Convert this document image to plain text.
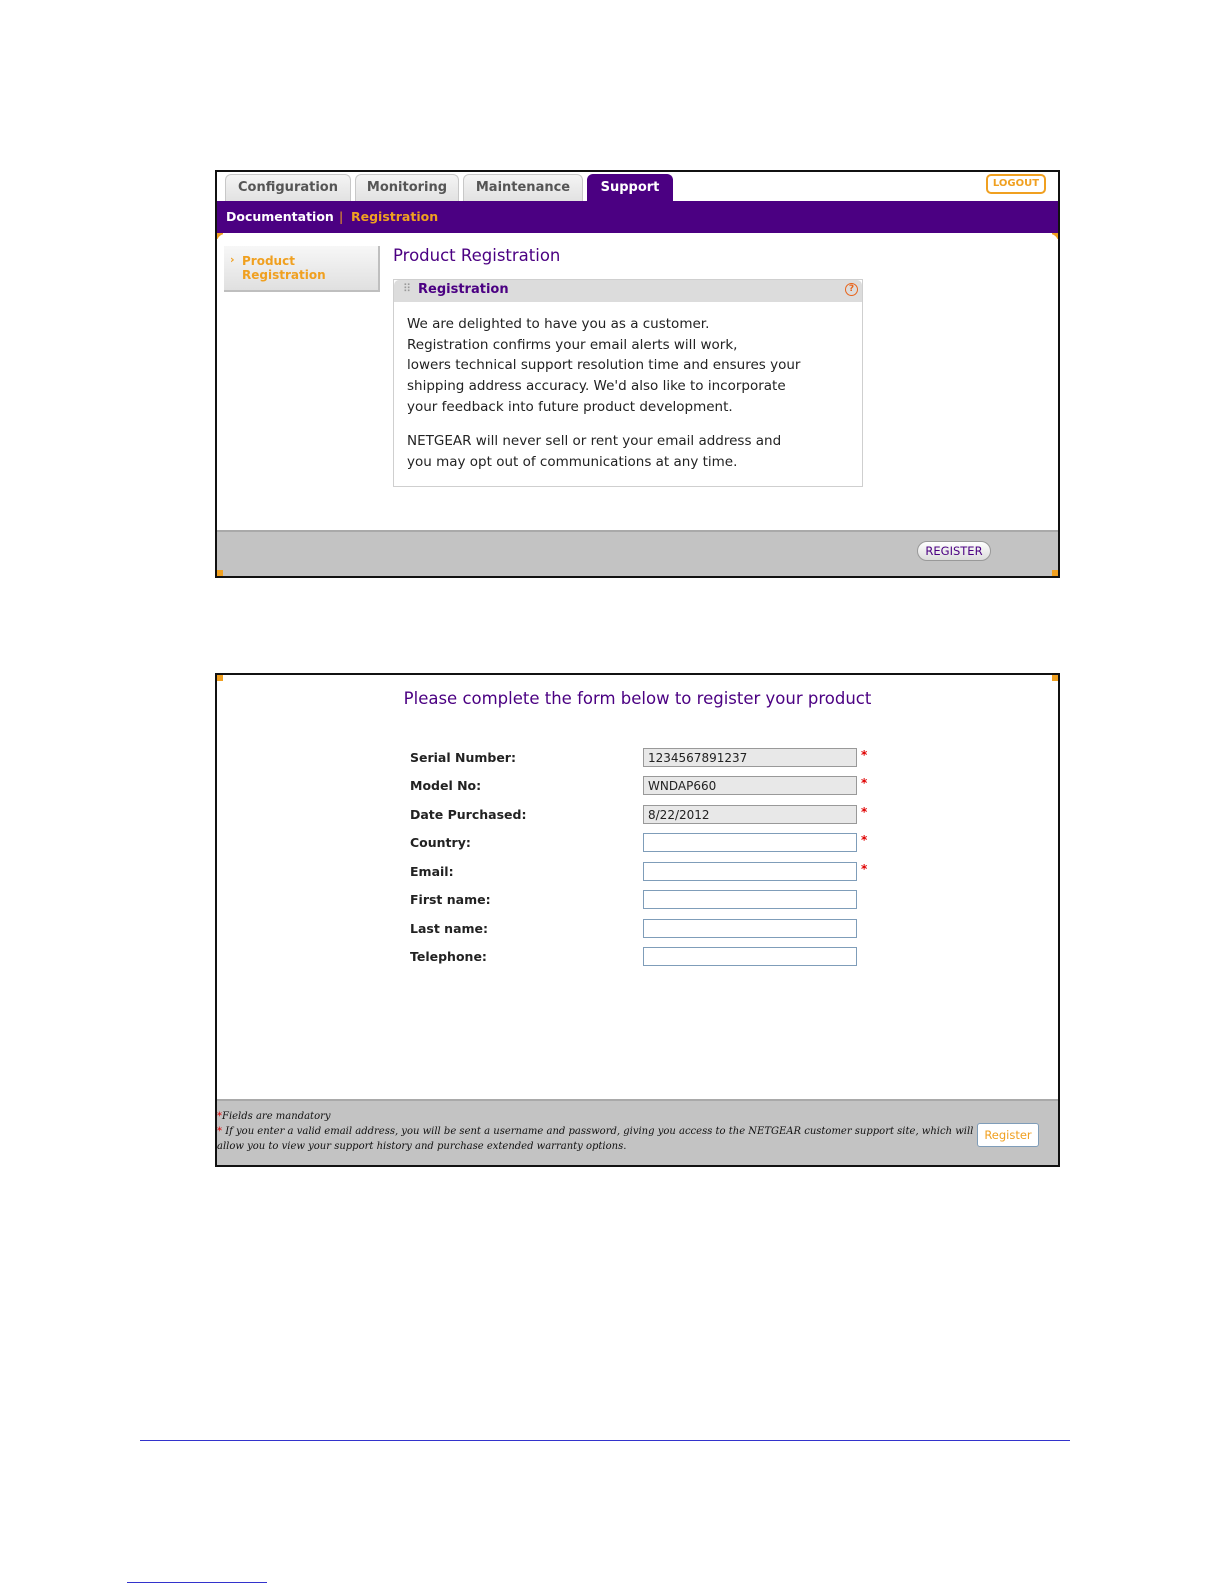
Configuration	Monitoring	Maintenance	Support	LOGOUT
Documentation | Registration
› Product Registration
Product Registration
⠿ Registration	?

We are delighted to have you as a customer.

Registration confirms your email alerts will work,

lowers technical support resolution time and ensures your

shipping address accuracy. We'd also like to incorporate

your feedback into future product development.

NETGEAR will never sell or rent your email address and

you may opt out of communications at any time.

REGISTER
Please complete the form below to register your product
Serial Number:
1234567891237	*
Model No:
WNDAP660	*
Date Purchased:
8/22/2012	*
Country:	*
Email:	*
First name:
Last name:
Telephone:
*Fields are mandatory
* If you enter a valid email address, you will be sent a username and password, giving you access to the NETGEAR customer support site, which will
allow you to view your support history and purchase extended warranty options.
Register
